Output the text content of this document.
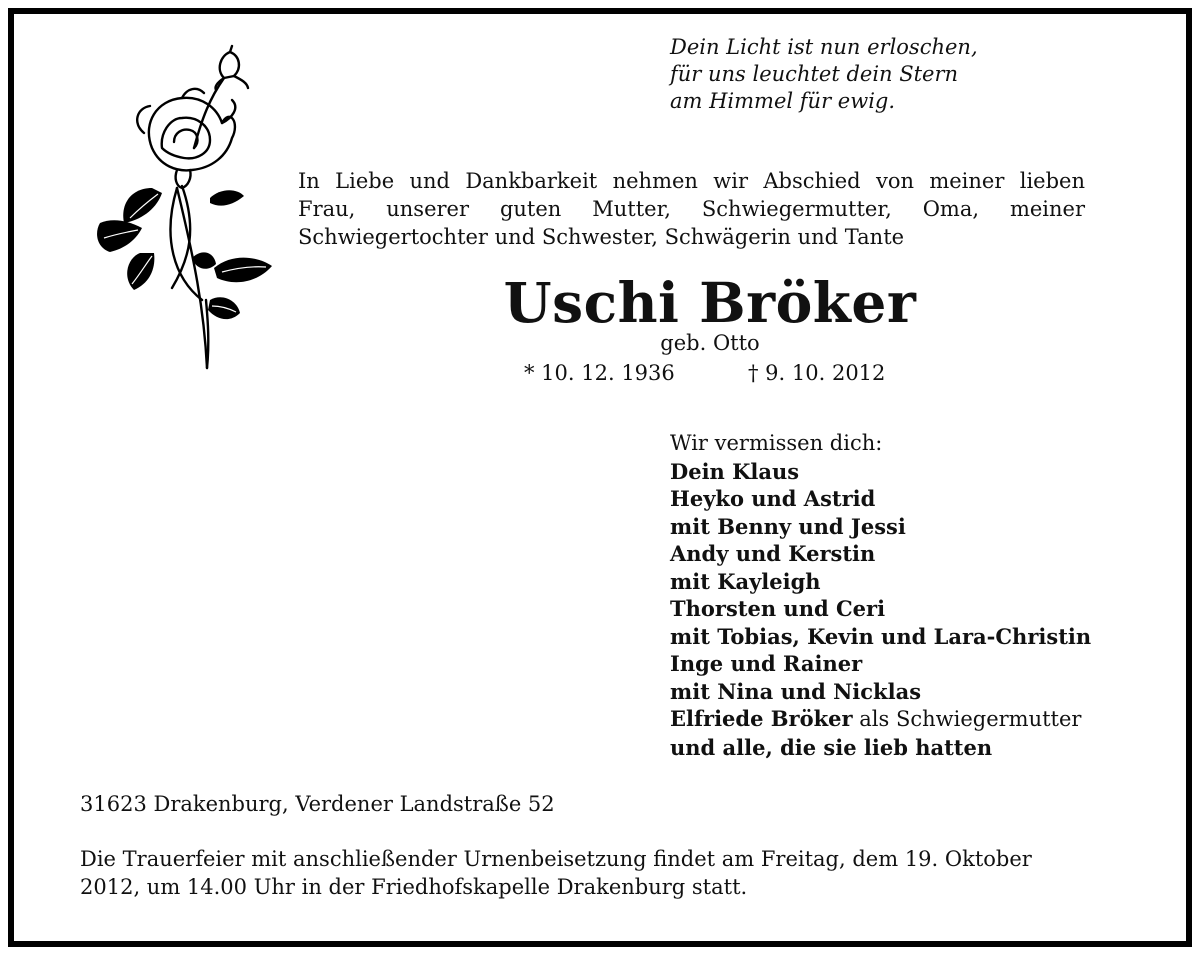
Dein Licht ist nun erloschen,
für uns leuchtet dein Stern
am Himmel für ewig.
In Liebe und Dankbarkeit nehmen wir Abschied von meiner lieben
Frau, unserer guten Mutter, Schwiegermutter, Oma, meiner
Schwiegertochter und Schwester, Schwägerin und Tante
Uschi Bröker
geb. Otto
* 10. 12. 1936	† 9. 10. 2012
Wir vermissen dich:
Dein Klaus
Heyko und Astrid
mit Benny und Jessi
Andy und Kerstin
mit Kayleigh
Thorsten und Ceri
mit Tobias, Kevin und Lara-Christin
Inge und Rainer
mit Nina und Nicklas
Elfriede Bröker als Schwiegermutter
und alle, die sie lieb hatten
31623 Drakenburg, Verdener Landstraße 52
Die Trauerfeier mit anschließender Urnenbeisetzung findet am Freitag, dem 19. Oktober
2012, um 14.00 Uhr in der Friedhofskapelle Drakenburg statt.
